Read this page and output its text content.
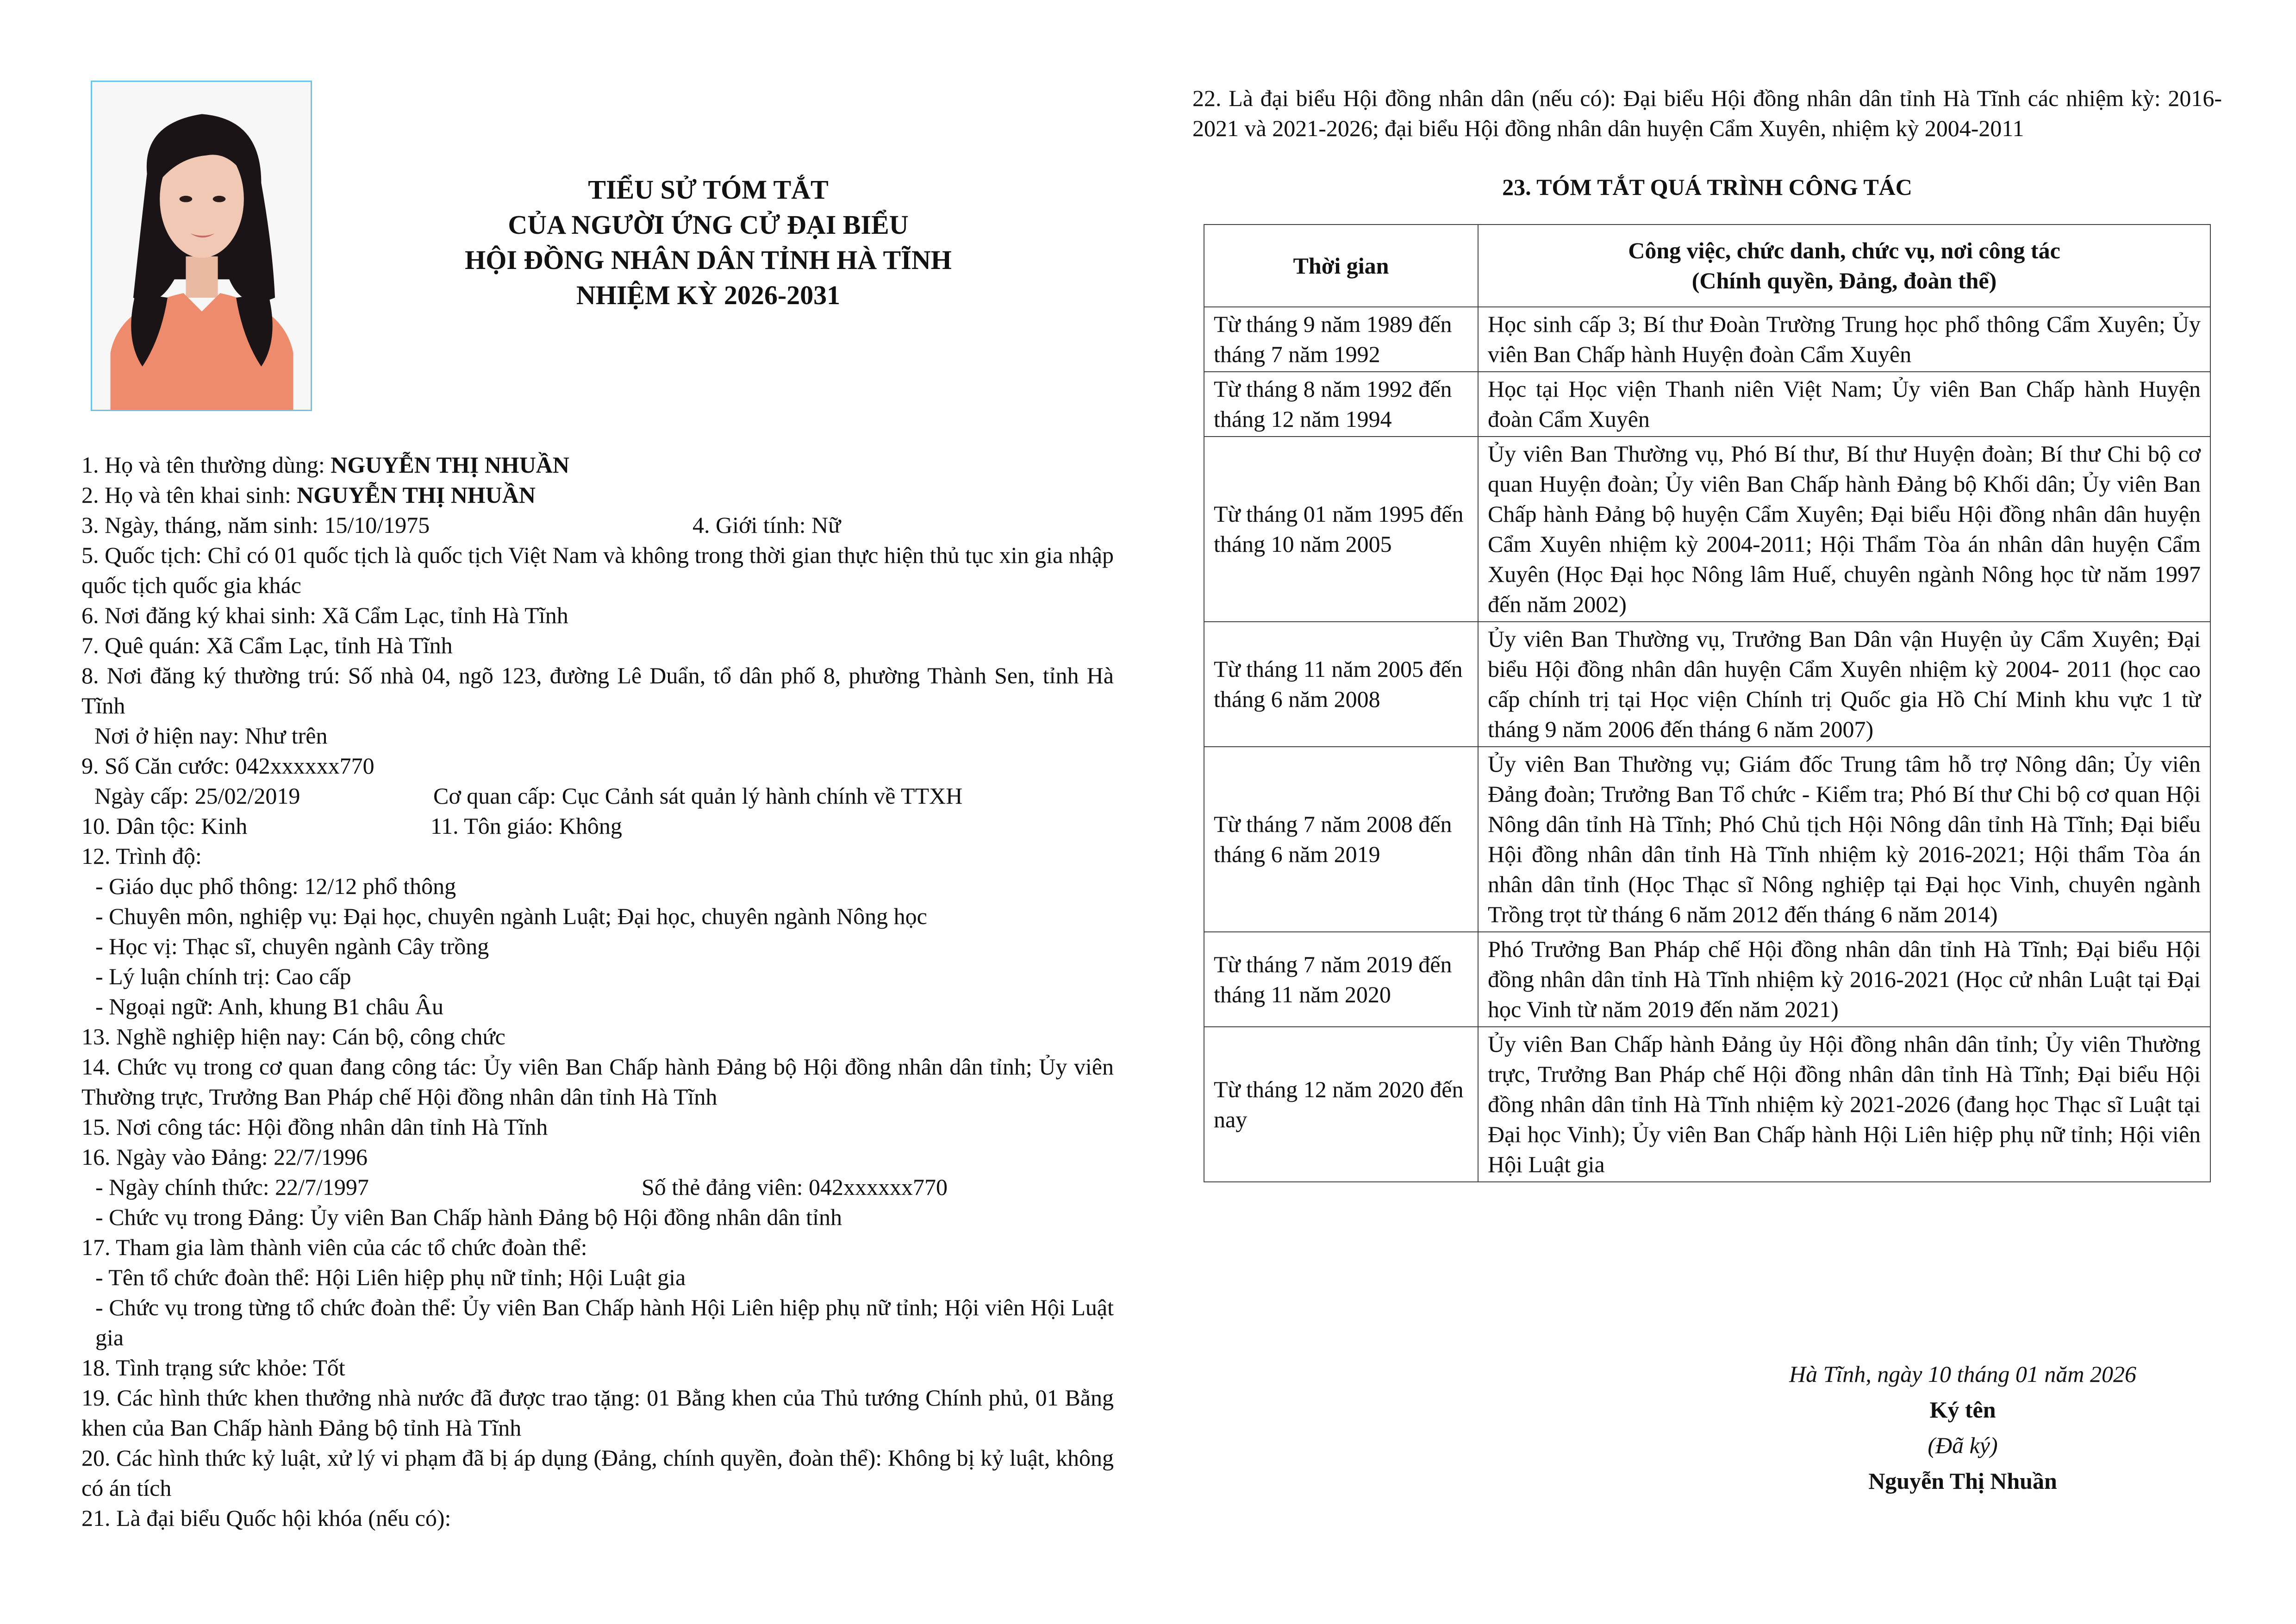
TIỂU SỬ TÓM TẮT
CỦA NGƯỜI ỨNG CỬ ĐẠI BIỂU
HỘI ĐỒNG NHÂN DÂN TỈNH HÀ TĨNH
NHIỆM KỲ 2026-2031
1. Họ và tên thường dùng: NGUYỄN THỊ NHUẦN
2. Họ và tên khai sinh: NGUYỄN THỊ NHUẦN
3. Ngày, tháng, năm sinh: 15/10/1975	4. Giới tính: Nữ
5. Quốc tịch: Chỉ có 01 quốc tịch là quốc tịch Việt Nam và không trong thời gian thực hiện thủ tục xin gia nhập quốc tịch quốc gia khác
6. Nơi đăng ký khai sinh: Xã Cẩm Lạc, tỉnh Hà Tĩnh
7. Quê quán: Xã Cẩm Lạc, tỉnh Hà Tĩnh
8. Nơi đăng ký thường trú: Số nhà 04, ngõ 123, đường Lê Duẩn, tổ dân phố 8, phường Thành Sen, tỉnh Hà Tĩnh
Nơi ở hiện nay: Như trên
9. Số Căn cước: 042xxxxxx770
Ngày cấp: 25/02/2019	Cơ quan cấp: Cục Cảnh sát quản lý hành chính về TTXH
10. Dân tộc: Kinh	11. Tôn giáo: Không
12. Trình độ:
- Giáo dục phổ thông: 12/12 phổ thông
- Chuyên môn, nghiệp vụ: Đại học, chuyên ngành Luật; Đại học, chuyên ngành Nông học
- Học vị: Thạc sĩ, chuyên ngành Cây trồng
- Lý luận chính trị: Cao cấp
- Ngoại ngữ: Anh, khung B1 châu Âu
13. Nghề nghiệp hiện nay: Cán bộ, công chức
14. Chức vụ trong cơ quan đang công tác: Ủy viên Ban Chấp hành Đảng bộ Hội đồng nhân dân tỉnh; Ủy viên Thường trực, Trưởng Ban Pháp chế Hội đồng nhân dân tỉnh Hà Tĩnh
15. Nơi công tác: Hội đồng nhân dân tỉnh Hà Tĩnh
16. Ngày vào Đảng: 22/7/1996
- Ngày chính thức: 22/7/1997	Số thẻ đảng viên: 042xxxxxx770
- Chức vụ trong Đảng: Ủy viên Ban Chấp hành Đảng bộ Hội đồng nhân dân tỉnh
17. Tham gia làm thành viên của các tổ chức đoàn thể:
- Tên tổ chức đoàn thể: Hội Liên hiệp phụ nữ tỉnh; Hội Luật gia
- Chức vụ trong từng tổ chức đoàn thể: Ủy viên Ban Chấp hành Hội Liên hiệp phụ nữ tỉnh; Hội viên Hội Luật gia
18. Tình trạng sức khỏe: Tốt
19. Các hình thức khen thưởng nhà nước đã được trao tặng: 01 Bằng khen của Thủ tướng Chính phủ, 01 Bằng khen của Ban Chấp hành Đảng bộ tỉnh Hà Tĩnh
20. Các hình thức kỷ luật, xử lý vi phạm đã bị áp dụng (Đảng, chính quyền, đoàn thể): Không bị kỷ luật, không có án tích
21. Là đại biểu Quốc hội khóa (nếu có):
22. Là đại biểu Hội đồng nhân dân (nếu có): Đại biểu Hội đồng nhân dân tỉnh Hà Tĩnh các nhiệm kỳ: 2016-2021 và 2021-2026; đại biểu Hội đồng nhân dân huyện Cẩm Xuyên, nhiệm kỳ 2004-2011
23. TÓM TẮT QUÁ TRÌNH CÔNG TÁC
Thời gian	Công việc, chức danh, chức vụ, nơi công tác
(Chính quyền, Đảng, đoàn thể)

Từ tháng 9 năm 1989 đến tháng 7 năm 1992	Học sinh cấp 3; Bí thư Đoàn Trường Trung học phổ thông Cẩm Xuyên; Ủy viên Ban Chấp hành Huyện đoàn Cẩm Xuyên
Từ tháng 8 năm 1992 đến tháng 12 năm 1994	Học tại Học viện Thanh niên Việt Nam; Ủy viên Ban Chấp hành Huyện đoàn Cẩm Xuyên
Từ tháng 01 năm 1995 đến tháng 10 năm 2005	Ủy viên Ban Thường vụ, Phó Bí thư, Bí thư Huyện đoàn; Bí thư Chi bộ cơ quan Huyện đoàn; Ủy viên Ban Chấp hành Đảng bộ Khối dân; Ủy viên Ban Chấp hành Đảng bộ huyện Cẩm Xuyên; Đại biểu Hội đồng nhân dân huyện Cẩm Xuyên nhiệm kỳ 2004-2011; Hội Thẩm Tòa án nhân dân huyện Cẩm Xuyên (Học Đại học Nông lâm Huế, chuyên ngành Nông học từ năm 1997 đến năm 2002)
Từ tháng 11 năm 2005 đến tháng 6 năm 2008	Ủy viên Ban Thường vụ, Trưởng Ban Dân vận Huyện ủy Cẩm Xuyên; Đại biểu Hội đồng nhân dân huyện Cẩm Xuyên nhiệm kỳ 2004- 2011 (học cao cấp chính trị tại Học viện Chính trị Quốc gia Hồ Chí Minh khu vực 1 từ tháng 9 năm 2006 đến tháng 6 năm 2007)
Từ tháng 7 năm 2008 đến tháng 6 năm 2019	Ủy viên Ban Thường vụ; Giám đốc Trung tâm hỗ trợ Nông dân; Ủy viên Đảng đoàn; Trưởng Ban Tổ chức - Kiểm tra; Phó Bí thư Chi bộ cơ quan Hội Nông dân tỉnh Hà Tĩnh; Phó Chủ tịch Hội Nông dân tỉnh Hà Tĩnh; Đại biểu Hội đồng nhân dân tỉnh Hà Tĩnh nhiệm kỳ 2016-2021; Hội thẩm Tòa án nhân dân tỉnh (Học Thạc sĩ Nông nghiệp tại Đại học Vinh, chuyên ngành Trồng trọt từ tháng 6 năm 2012 đến tháng 6 năm 2014)
Từ tháng 7 năm 2019 đến tháng 11 năm 2020	Phó Trưởng Ban Pháp chế Hội đồng nhân dân tỉnh Hà Tĩnh; Đại biểu Hội đồng nhân dân tỉnh Hà Tĩnh nhiệm kỳ 2016-2021 (Học cử nhân Luật tại Đại học Vinh từ năm 2019 đến năm 2021)
Từ tháng 12 năm 2020 đến nay	Ủy viên Ban Chấp hành Đảng ủy Hội đồng nhân dân tỉnh; Ủy viên Thường trực, Trưởng Ban Pháp chế Hội đồng nhân dân tỉnh Hà Tĩnh; Đại biểu Hội đồng nhân dân tỉnh Hà Tĩnh nhiệm kỳ 2021-2026 (đang học Thạc sĩ Luật tại Đại học Vinh); Ủy viên Ban Chấp hành Hội Liên hiệp phụ nữ tỉnh; Hội viên Hội Luật gia
Hà Tĩnh, ngày 10 tháng 01 năm 2026
Ký tên
(Đã ký)
Nguyễn Thị Nhuần
